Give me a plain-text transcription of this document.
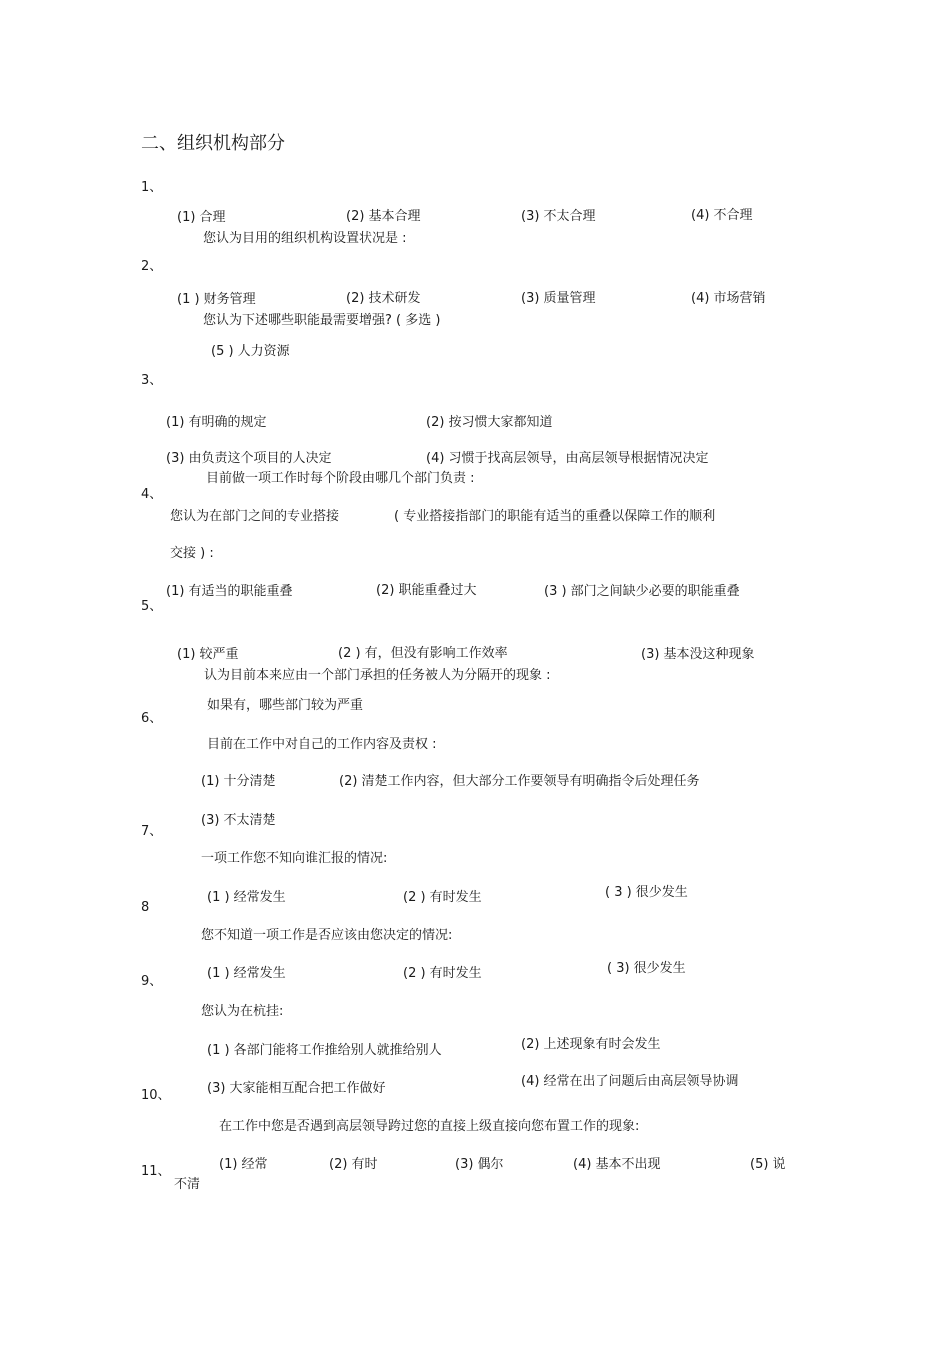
二、组织机构部分
1、
(1) 合理	(2) 基本合理	(3) 不太合理	(4) 不合理
您认为目用的组织机构设置状况是 :
2、
(1 ) 财务管理	(2) 技术研发	(3) 质量管理	(4) 市场营销
您认为下述哪些职能最需要增强? ( 多选 )
(5 ) 人力资源
3、
(1) 有明确的规定	(2) 按习惯大家都知道
(3) 由负责这个项目的人决定	(4) 习惯于找高层领导，由高层领导根据情况决定
目前做一项工作时每个阶段由哪几个部门负责 :
4、
您认为在部门之间的专业搭接	( 专业搭接指部门的职能有适当的重叠以保障工作的顺利
交接 ) :
(1) 有适当的职能重叠	(2) 职能重叠过大	(3 ) 部门之间缺少必要的职能重叠
5、
(1) 较严重	(2 ) 有，但没有影响工作效率	(3) 基本没这种现象
认为目前本来应由一个部门承担的任务被人为分隔开的现象 :
如果有，哪些部门较为严重
6、
目前在工作中对自己的工作内容及责权 :
(1) 十分清楚	(2) 清楚工作内容，但大部分工作要领导有明确指令后处理任务
(3) 不太清楚
7、
一项工作您不知向谁汇报的情况:
(1 ) 经常发生	(2 ) 有时发生	( 3 ) 很少发生
8
您不知道一项工作是否应该由您决定的情况:
(1 ) 经常发生	(2 ) 有时发生	( 3) 很少发生
9、
您认为在杭挂:
(1 ) 各部门能将工作推给别人就推给别人	(2) 上述现象有时会发生
(3) 大家能相互配合把工作做好	(4) 经常在出了问题后由高层领导协调
10、
在工作中您是否遇到高层领导跨过您的直接上级直接向您布置工作的现象:
(1) 经常	(2) 有时	(3) 偶尔	(4) 基本不出现	(5) 说
不清
11、
